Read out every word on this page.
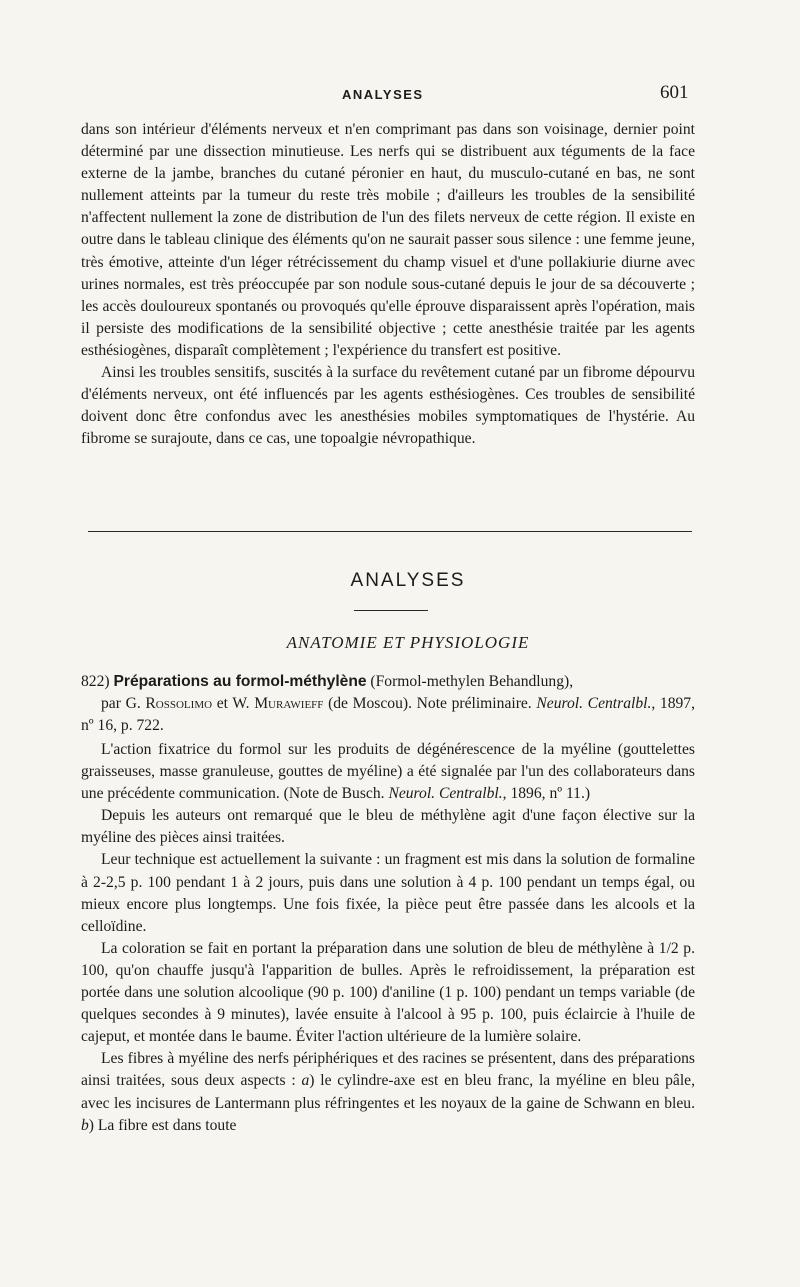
ANALYSES	601

dans son intérieur d'éléments nerveux et n'en comprimant pas dans son voisinage, dernier point déterminé par une dissection minutieuse. Les nerfs qui se distribuent aux téguments de la face externe de la jambe, branches du cutané péronier en haut, du musculo-cutané en bas, ne sont nullement atteints par la tumeur du reste très mobile ; d'ailleurs les troubles de la sensibilité n'affectent nullement la zone de distribution de l'un des filets nerveux de cette région. Il existe en outre dans le tableau clinique des éléments qu'on ne saurait passer sous silence : une femme jeune, très émotive, atteinte d'un léger rétrécissement du champ visuel et d'une pollakiurie diurne avec urines normales, est très préoccupée par son nodule sous-cutané depuis le jour de sa découverte ; les accès douloureux spontanés ou provoqués qu'elle éprouve disparaissent après l'opération, mais il persiste des modifications de la sensibilité objective ; cette anesthésie traitée par les agents esthésiogènes, disparaît complètement ; l'expérience du transfert est positive.

Ainsi les troubles sensitifs, suscités à la surface du revêtement cutané par un fibrome dépourvu d'éléments nerveux, ont été influencés par les agents esthésiogènes. Ces troubles de sensibilité doivent donc être confondus avec les anesthésies mobiles symptomatiques de l'hystérie. Au fibrome se surajoute, dans ce cas, une topoalgie névropathique.

ANALYSES
ANATOMIE ET PHYSIOLOGIE

822) Préparations au formol-méthylène (Formol-methylen Behandlung),
par G. Rossolimo et W. Murawieff (de Moscou). Note préliminaire. Neurol. Centralbl., 1897, nº 16, p. 722.

L'action fixatrice du formol sur les produits de dégénérescence de la myéline (gouttelettes graisseuses, masse granuleuse, gouttes de myéline) a été signalée par l'un des collaborateurs dans une précédente communication. (Note de Busch. Neurol. Centralbl., 1896, nº 11.)

Depuis les auteurs ont remarqué que le bleu de méthylène agit d'une façon élective sur la myéline des pièces ainsi traitées.

Leur technique est actuellement la suivante : un fragment est mis dans la solution de formaline à 2-2,5 p. 100 pendant 1 à 2 jours, puis dans une solution à 4 p. 100 pendant un temps égal, ou mieux encore plus longtemps. Une fois fixée, la pièce peut être passée dans les alcools et la celloïdine.

La coloration se fait en portant la préparation dans une solution de bleu de méthylène à 1/2 p. 100, qu'on chauffe jusqu'à l'apparition de bulles. Après le refroidissement, la préparation est portée dans une solution alcoolique (90 p. 100) d'aniline (1 p. 100) pendant un temps variable (de quelques secondes à 9 minutes), lavée ensuite à l'alcool à 95 p. 100, puis éclaircie à l'huile de cajeput, et montée dans le baume. Éviter l'action ultérieure de la lumière solaire.

Les fibres à myéline des nerfs périphériques et des racines se présentent, dans des préparations ainsi traitées, sous deux aspects : a) le cylindre-axe est en bleu franc, la myéline en bleu pâle, avec les incisures de Lantermann plus réfringentes et les noyaux de la gaine de Schwann en bleu. b) La fibre est dans toute
